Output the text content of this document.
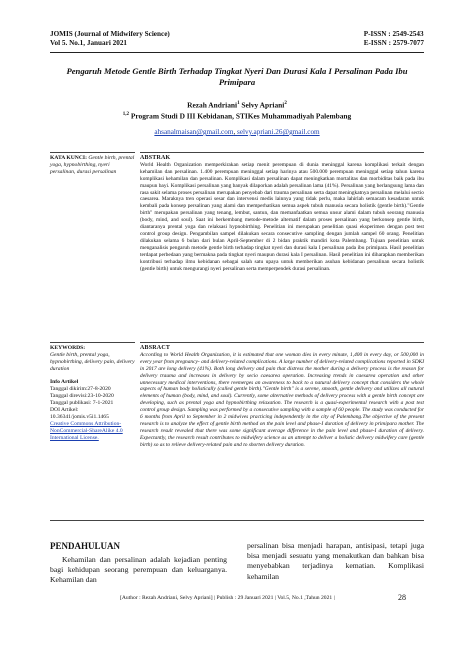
JOMIS (Journal of Midwifery Science)
Vol 5. No.1, Januari 2021
P-ISSN : 2549-2543
E-ISSN : 2579-7077
Pengaruh Metode Gentle Birth Terhadap Tingkat Nyeri Dan Durasi Kala I Persalinan Pada Ibu Primipara
Rezah Andriani$^1$ Selvy Apriani$^2$
$^{1,2}$ Program Studi D III Kebidanan, STIKes Muhammadiyah Palembang
ahsanalmaisan@gmail.com, selvy.apriani.26@gmail.com
KATA KUNCI: Gentle birth, prental yoga, hypnobirthing, nyeri persalinan, durasi persalinan
ABSTRAK
World Health Organization memperkirakan setiap menit perempuan di dunia meninggal karena komplikasi terkait dengan kehamilan dan persalinan. 1.400 perempuan meninggal setiap harinya atau 500.000 perempuan meninggal setiap tahun karena komplikasi kehamilan dan persalinan. Komplikasi dalam persalinan dapat meningkatkan mortalitas dan morbiditas baik pada ibu maupun bayi. Komplikasi persalinan yang banyak dilaporkan adalah persalinan lama (41%). Persalinan yang berlangsung lama dan rasa sakit selama proses persalinan merupakan penyebab dari trauma persalinan serta dapat meningkatnya persalinan melalui sectio caesarea. Maraknya tren operasi sesar dan intervensi medis lainnya yang tidak perlu, maka lahirlah semacam kesadaran untuk kembali pada konsep persalinan yang alami dan memperhatikan semua aspek tubuh manusia secara holistik (gentle birth)."Gentle birth" merupakan persalinan yang tenang, lembut, santun, dan memanfaatkan semua unsur alami dalam tubuh seorang manusia (body, mind, and soul). Saat ini berkembang metode-metode alternatif dalam proses persalinan yang berkonsep gentle birth, diantaranya prental yoga dan relaksasi hypnobirthing. Penelitian ini merupakan penelitian quasi eksperimen dengan post test control group design. Pengambilan sampel dilakukan secara consecutive sampling dengan jumlah sampel 60 orang. Penelitian dilakukan selama 6 bulan dari bulan April-September di 2 bidan praktik mandiri kota Palembang. Tujuan penelitian untuk menganalisis pengaruh metode gentle birth terhadap tingkat nyeri dan durasi kala I persalinan pada ibu primipara. Hasil penelitian terdapat perbedaan yang bermakna pada tingkat nyeri maupun durasi kala I persalinan. Hasil penelitian ini diharapkan memberikan kontribusi terhadap ilmu kebidanan sebagai salah satu upaya untuk memberikan asuhan kebidanan persalinan secara holistik (gentle birth) untuk mengurangi nyeri persalinan serta memperpendek durasi persalinan.
KEYWORDS:
Gentle birth, prental yoga, hypnobirthing, delivery pain, delivery duration
Info Artikel
Tanggal dikirim:27-8-2020
Tanggal direvisi:23-10-2020
Tanggal publikasi: 7-1-2021
DOI Artikel:
10.36341/jomis.v5i1.1465
Creative Commons Attribution-NonCommercial-ShareAlike 4.0 International License.
ABSRACT
According to World Health Organization, it is estimated that one woman dies in every minute, 1,400 in every day, or 500,000 in every year from pregnancy- and delivery-related complications. A large number of delivery-related complications reported in SDKI in 2017 are long delivery (41%). Both long delivery and pain that distress the mother during a delivery process is the reason for delivery trauma and increases in delivery by secio caesarea operation. Increasing trends in caesarea operation and other unnecessary medical interventions, there reemerges an awareness to back to a natural delivery concept that considers the whole aspects of human body holistically (called gentle birth)."Gentle birth" is a serene, smooth, gentle delivery and utilizes all natural elements of human (body, mind, and soul). Currently, some alternative methods of delivery process with a gentle birth concept are developing, such as prental yoga and hypnobirthing relaxation. The research is a quasi-experimental research with a post test control group design. Sampling was performed by a consecutive sampling with a sample of 60 people. The study was conducted for 6 months from April to September in 2 midwives practicing independently in the city of Palembang.The objective of the present research is to analyze the effect of gentle birth method on the pain level and phase-I duration of delivery in primipara mother. The research result revealed that there was some significant average difference in the pain level and phase-I duration of delivery. Expectantly, the research result contributes to midwifery science as an attempt to deliver a holistic delivery midwifery care (gentle birth) so as to relieve delivery-related pain and to shorten delivery duration.
PENDAHULUAN
Kehamilan dan persalinan adalah kejadian penting bagi kehidupan seorang perempuan dan keluarganya. Kehamilan dan
persalinan bisa menjadi harapan, antisipasi, tetapi juga bisa menjadi sesuatu yang menakutkan dan bahkan bisa menyebabkan terjadinya kematian. Komplikasi kehamilan
[Author : Rezah Andriani, Selvy Apriani] | Publish : 29 Januari 2021 | Vol.5, No.1 ,Tahun 2021 |	28
